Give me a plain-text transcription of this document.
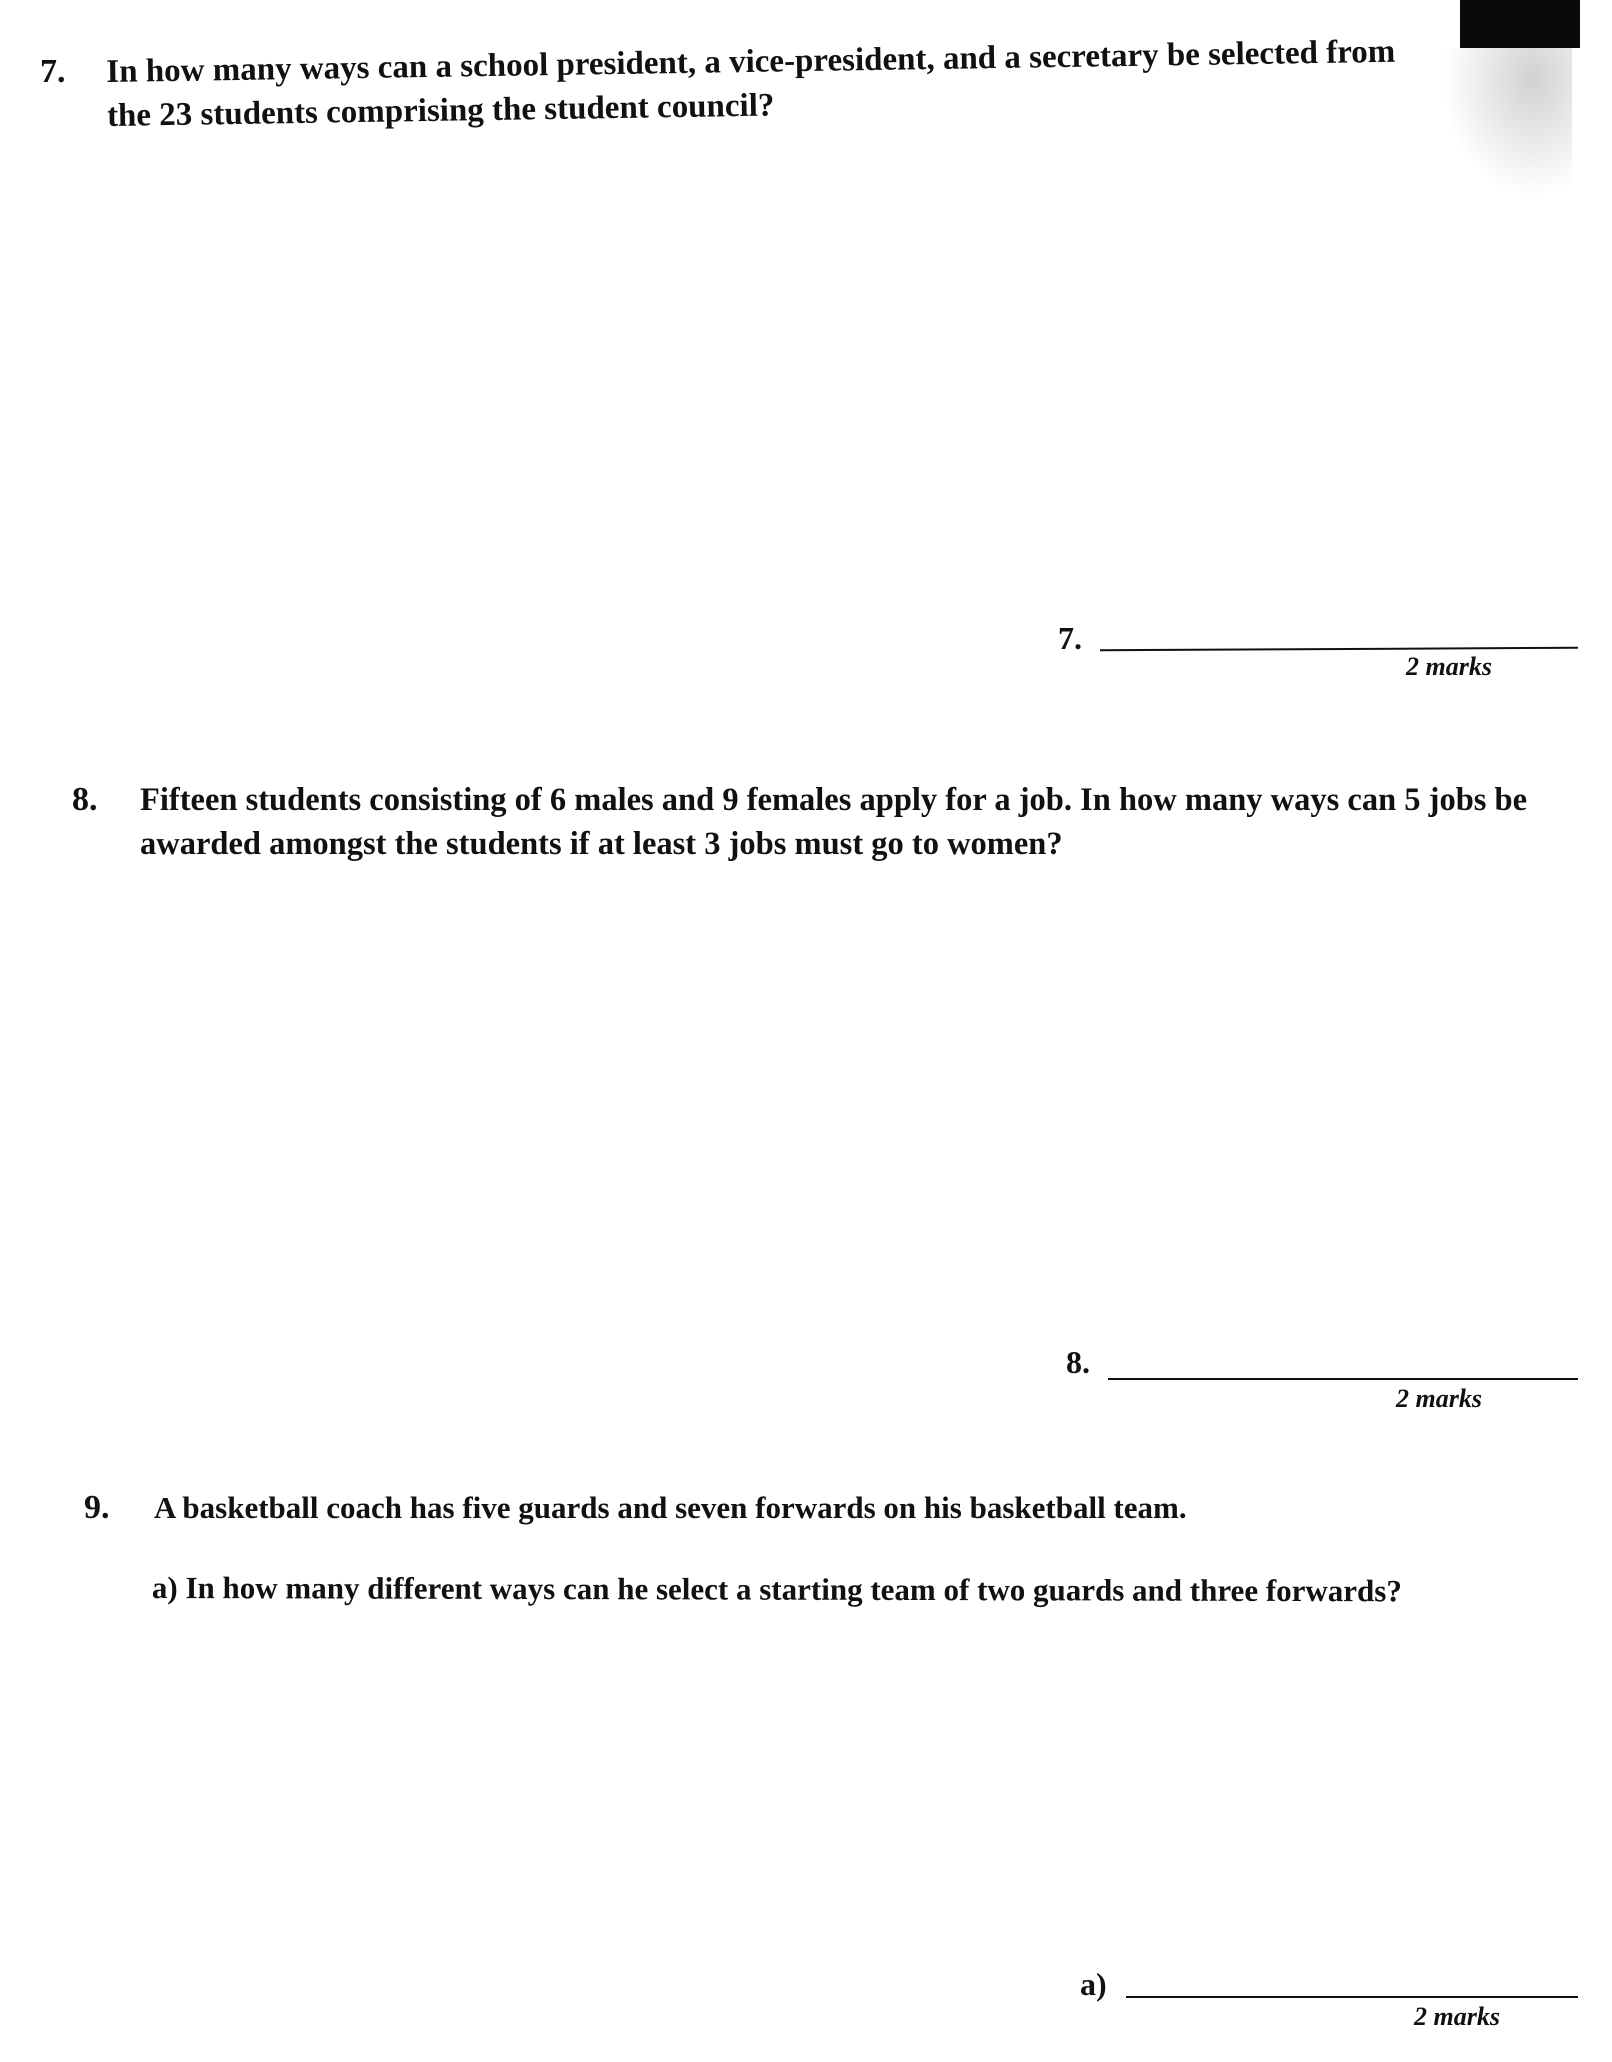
7. In how many ways can a school president, a vice-president, and a secretary be selected from
the 23 students comprising the student council?
7.
2 marks
8. Fifteen students consisting of 6 males and 9 females apply for a job. In how many ways can 5 jobs be
awarded amongst the students if at least 3 jobs must go to women?
8.
2 marks
9. A basketball coach has five guards and seven forwards on his basketball team.
a) In how many different ways can he select a starting team of two guards and three forwards?
a)
2 marks
